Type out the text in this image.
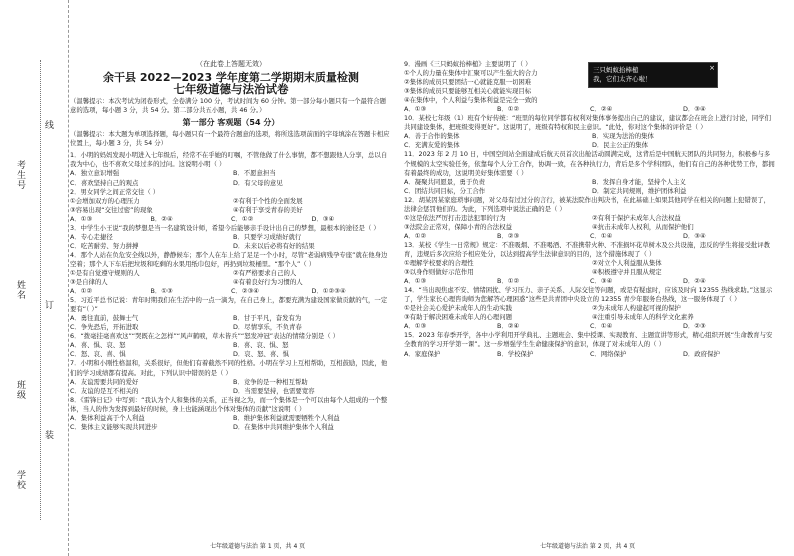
考生号
姓名
班级
学校
线
订
装
（在此卷上答题无效）
余干县 2022—2023 学年度第二学期期末质量检测
七年级道德与法治试卷
（温馨提示：本次考试为闭卷形式，全卷满分 100 分，考试时间为 60 分钟。第一部分每小题只有一个最符合题意的选项，每小题 3 分，共 54 分。第二部分共五小题，共 46 分。）
第一部分 客观题（54 分）
（温馨提示：本大题为单项选择题，每小题只有一个最符合题意的选项，将所选选项前面的字母填涂在答题卡相应位置上，每小题 3 分，共 54 分）

1．小明的妈妈发现小明进入七年级后，经常不在乎她的叮嘱，不管他做了什么事情，都不想跟他人分享，总以自我为中心，也不喜欢父母过多的过问。这说明小明（ ）

A．独立意识增强	B．不愿意担当
C．喜欢坚持自己的观点	D．有父母的意见

2．男女同学之间正常交往（ ）

①会增加双方的心理压力	②有利于个性的全面发展
③容易出现“交往过密”的现象	④有利于享受青春的美好
A．①③	B．②④	C．①②	D．③④

3．中学生小王说“我的梦想是当一名建筑设计师，希望今后能够亲手设计出自己的梦想，最根本的途径是（ ）

A．专心走捷径	B．只要学习成绩好就行
C．吃苦耐劳、努力拼搏	D．未来以后必将有好的结果

4．那个人站在负危安全线以外，静静候车；那个人在车上给了足足一个小时，尽管“老弱病残孕专座”就在他身边空着；那个人下车后把垃圾和吃剩的水果用纸巾包好，再扔到垃圾桶里。“那个人”（ ）

①是有自觉遵守规则的人	②有严格要求自己的人
③是自律的人	④有着良好行为习惯的人
A．①②	B．①③	C．②③④	D．①②③④

5．习近平总书记说：青年时期我们在生活中的一点一滴为，在自己身上，都要充满为建设国家做贡献的气，一定要有“（ ）”

A．勇往直前，鼓舞士气	B．甘于平凡，奋发有为
C．争先恐后，开拓进取	D．尽情享乐，不负青春

6．“拨毫挂毫喜欢这”“哭既在之怎样”“风声鹤唳，草木皆兵”“怒发冲冠”表达的情绪分别是（ ）

A．喜、惧、哀、怒	B．喜、哀、惧、怒
C．怒、哀、喜、惧	D．哀、怒、喜、惧

7．小明和小刚性格温和，关系很好，但他们有着截然不同的性格。小明在学习上互相帮助，互相鼓励，因此，他们的学习成绩都有提高。对此，下列认识中错误的是（ ）

A．友谊需要共同的爱好	B．竞争的是一种相互帮助
C．友谊的是互不相关的	D．当需要坚持，也需要宽容

8．《雷锋日记》中写到：“我认为个人和集体的关系，正当视之为，而一个集体是一个可以由每个人组成的一个整体，当人的作为发挥到最好的时候，身上也能涵现出个体对集体的贡献”这说明（ ）

A．集体利益高于个人利益	B．维护集体利益就需要牺牲个人利益
C．集体主义能够实现共同进步	D．在集体中共同维护集体个人利益
七年级道德与法治 第 1 页，共 4 页

9．漫画《三只蚂蚁抬棒槌》主要说明了（ ）

①个人的力量在集体中汇聚可以产生强大的合力
②集体的成员只要团结一心就能克服一切困难
③集体的成员只要能够互相关心就能实现目标
④在集体中，个人利益与集体利益是完全一致的
A．①③	B．①②	C．②④	D．③④

10．某校七年级（1）班有个好传统：“班里的每位同学都有权利对集体事务提出自己的建议，建议都会在班会上进行讨论，同学们共同建设集体，把班级变得更好”。这说明了，班级有特权和民主意识。“此处，你对这个集体的评价是（ ）

A．善于合作的集体	B．实现为法治的集体
C．充满友爱的集体	D．民主公正的集体

11．2023 年 2 月 10 日，中国空间站全面建成后航天员首次出舱活动圆满完成，这背后是中国航天团队的共同努力，积极参与多个规模的太空实验任务，依靠每个人分工合作，协调一致，在各种执行力，背后是多个学科团队，他们有自己的各种优势工作，都拥有着最终的成功，这说明美好集体需要（ ）

A．凝聚共同愿景，勇于负责	B．发挥自身才能，坚持个人主义
C．团结共同目标，分工合作	D．制定共同规则，维护团体利益

12．胡某因某家庭琐事问题，对父母有过过分的言行，被某法院作出判决书，在此基础上如果其他同学在相关的问题上犯错误了，法律会惩罚他们的。为此，下列选项中说法正确的是（ ）

①这是依法严厉打击违法犯罪的行为	②有利于保护未成年人合法权益
③法院会正常对，保障小青的合法权益	④抗击未成年人权利，从而保护他们
A．①②	B．②③	C．①④	D．③④

13．某校《学生一日常规》规定：不准吸烟、不准喝酒、不准携带火种、不准损坏花草树木及公共设施，违反的学生将接受批评教育，违规后多次应给予相应处分，以达到提高学生法律意识的目的，这个措施体现了（ ）

①理解学校要求的合理性	②对立个人利益服从集体
③以身作则做好示范作用	④积极遵守并且服从规定
A．①③	B．①②	C．③④	D．②④

14．“当出现焦虑不安、情绪困扰、学习压力、亲子关系、人际交往等问题，或是有疑虑时，应该及时向 12355 热线求助。”这显示了，学生家长心理咨询师为您解答心理困惑“这些是共青团中央设立的 12355 青少年服务台热线，这一服务体现了（ ）

①是社会关心爱护未成年人的生动实践	②为未成年人构建起可视的保护
③有助于解决困难未成年人的心理问题	④注重引导未成年人的科学文化素养
A．①③	B．②④	C．①④	D．②③

15．2023 年春季开学，各中小学利用开学典礼、主题班会、集中授课、实现教育、主题宣讲等形式，精心组织开展“生命教育与安全教育的学习开学第一课”。这一步增强学生生命健康保护的意识，体现了对未成年人的（ ）

A．家庭保护	B．学校保护	C．网络保护	D．政府保护
七年级道德与法治 第 2 页，共 4 页
×
三只蚂蚁抬棒槌
我，它们太齐心啦！
